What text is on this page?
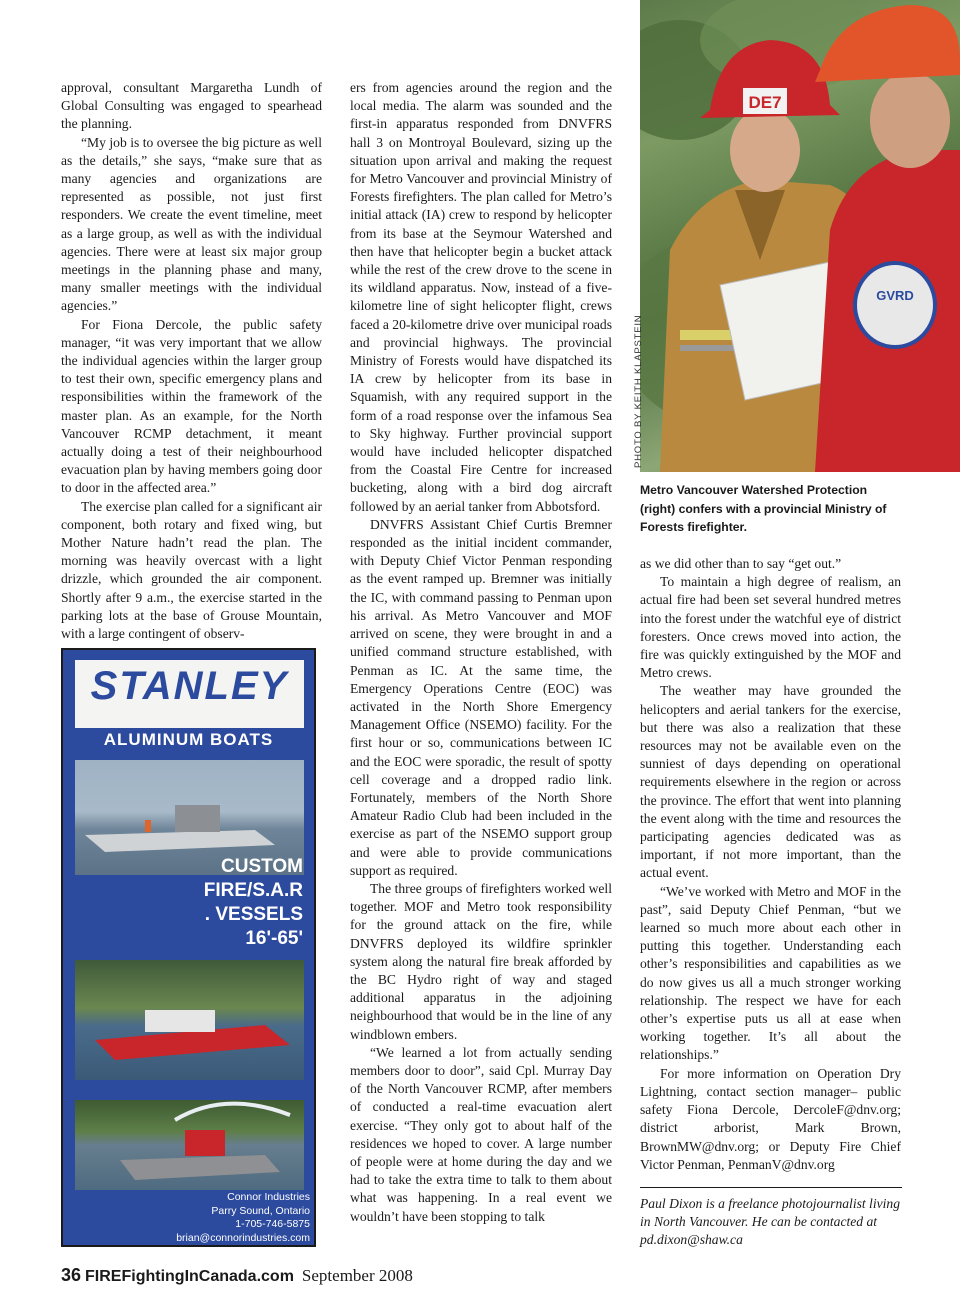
approval, consultant Margaretha Lundh of Global Consulting was engaged to spearhead the planning.

“My job is to oversee the big picture as well as the details,” she says, “make sure that as many agencies and organizations are represented as possible, not just first responders. We create the event timeline, meet as a large group, as well as with the individual agencies. There were at least six major group meetings in the planning phase and many, many smaller meetings with the individual agencies.”

For Fiona Dercole, the public safety manager, “it was very important that we allow the individual agencies within the larger group to test their own, specific emergency plans and responsibilities within the framework of the master plan. As an example, for the North Vancouver RCMP detachment, it meant actually doing a test of their neighbourhood evacuation plan by having members going door to door in the affected area.”

The exercise plan called for a significant air component, both rotary and fixed wing, but Mother Nature hadn’t read the plan. The morning was heavily overcast with a light drizzle, which grounded the air component. Shortly after 9 a.m., the exercise started in the parking lots at the base of Grouse Mountain, with a large contingent of observ-

ers from agencies around the region and the local media. The alarm was sounded and the first-in apparatus responded from DNVFRS hall 3 on Montroyal Boulevard, sizing up the situation upon arrival and making the request for Metro Vancouver and provincial Ministry of Forests firefighters. The plan called for Metro’s initial attack (IA) crew to respond by helicopter from its base at the Seymour Watershed and then have that helicopter begin a bucket attack while the rest of the crew drove to the scene in its wildland apparatus. Now, instead of a five-kilometre line of sight helicopter flight, crews faced a 20-kilometre drive over municipal roads and provincial highways. The provincial Ministry of Forests would have dispatched its IA crew by helicopter from its base in Squamish, with any required support in the form of a road response over the infamous Sea to Sky highway. Further provincial support would have included helicopter dispatched from the Coastal Fire Centre for increased bucketing, along with a bird dog aircraft followed by an aerial tanker from Abbotsford.

DNVFRS Assistant Chief Curtis Bremner responded as the initial incident commander, with Deputy Chief Victor Penman responding as the event ramped up. Bremner was initially the IC, with command passing to Penman upon his arrival. As Metro Vancouver and MOF arrived on scene, they were brought in and a unified command structure established, with Penman as IC. At the same time, the Emergency Operations Centre (EOC) was activated in the North Shore Emergency Management Office (NSEMO) facility. For the first hour or so, communications between IC and the EOC were sporadic, the result of spotty cell coverage and a dropped radio link. Fortunately, members of the North Shore Amateur Radio Club had been included in the exercise as part of the NSEMO support group and were able to provide communications support as required.

The three groups of firefighters worked well together. MOF and Metro took responsibility for the ground attack on the fire, while DNVFRS deployed its wildfire sprinkler system along the natural fire break afforded by the BC Hydro right of way and staged additional apparatus in the adjoining neighbourhood that would be in the line of any windblown embers.

“We learned a lot from actually sending members door to door”, said Cpl. Murray Day of the North Vancouver RCMP, after members of conducted a real-time evacuation alert exercise. “They only got to about half of the residences we hoped to cover. A large number of people were at home during the day and we had to take the extra time to talk to them about what was happening. In a real event we wouldn’t have been stopping to talk

DE7
GVRD
PHOTO BY KEITH KLAPSTEIN
Metro Vancouver Watershed Protection (right) confers with a provincial Ministry of Forests firefighter.

as we did other than to say “get out.”

To maintain a high degree of realism, an actual fire had been set several hundred metres into the forest under the watchful eye of district foresters. Once crews moved into action, the fire was quickly extinguished by the MOF and Metro crews.

The weather may have grounded the helicopters and aerial tankers for the exercise, but there was also a realization that these resources may not be available even on the sunniest of days depending on operational requirements elsewhere in the region or across the province. The effort that went into planning the event along with the time and resources the participating agencies dedicated was as important, if not more important, than the actual event.

“We’ve worked with Metro and MOF in the past”, said Deputy Chief Penman, “but we learned so much more about each other in putting this together. Understanding each other’s responsibilities and capabilities as we do now gives us all a much stronger working relationship. The respect we have for each other’s expertise puts us all at ease when working together. It’s all about the relationships.”

For more information on Operation Dry Lightning, contact section manager– public safety Fiona Dercole, DercoleF@dnv.org; district arborist, Mark Brown, BrownMW@dnv.org; or Deputy Fire Chief Victor Penman, PenmanV@dnv.org

STANLEY
ALUMINUM BOATS
CUSTOM
FIRE/S.A.R
. VESSELS
16'-65'
Connor Industries
Parry Sound, Ontario
1-705-746-5875
brian@connorindustries.com
Paul Dixon is a freelance photojournalist living in North Vancouver. He can be contacted at pd.dixon@shaw.ca
36 FIREFightingInCanada.com September 2008
